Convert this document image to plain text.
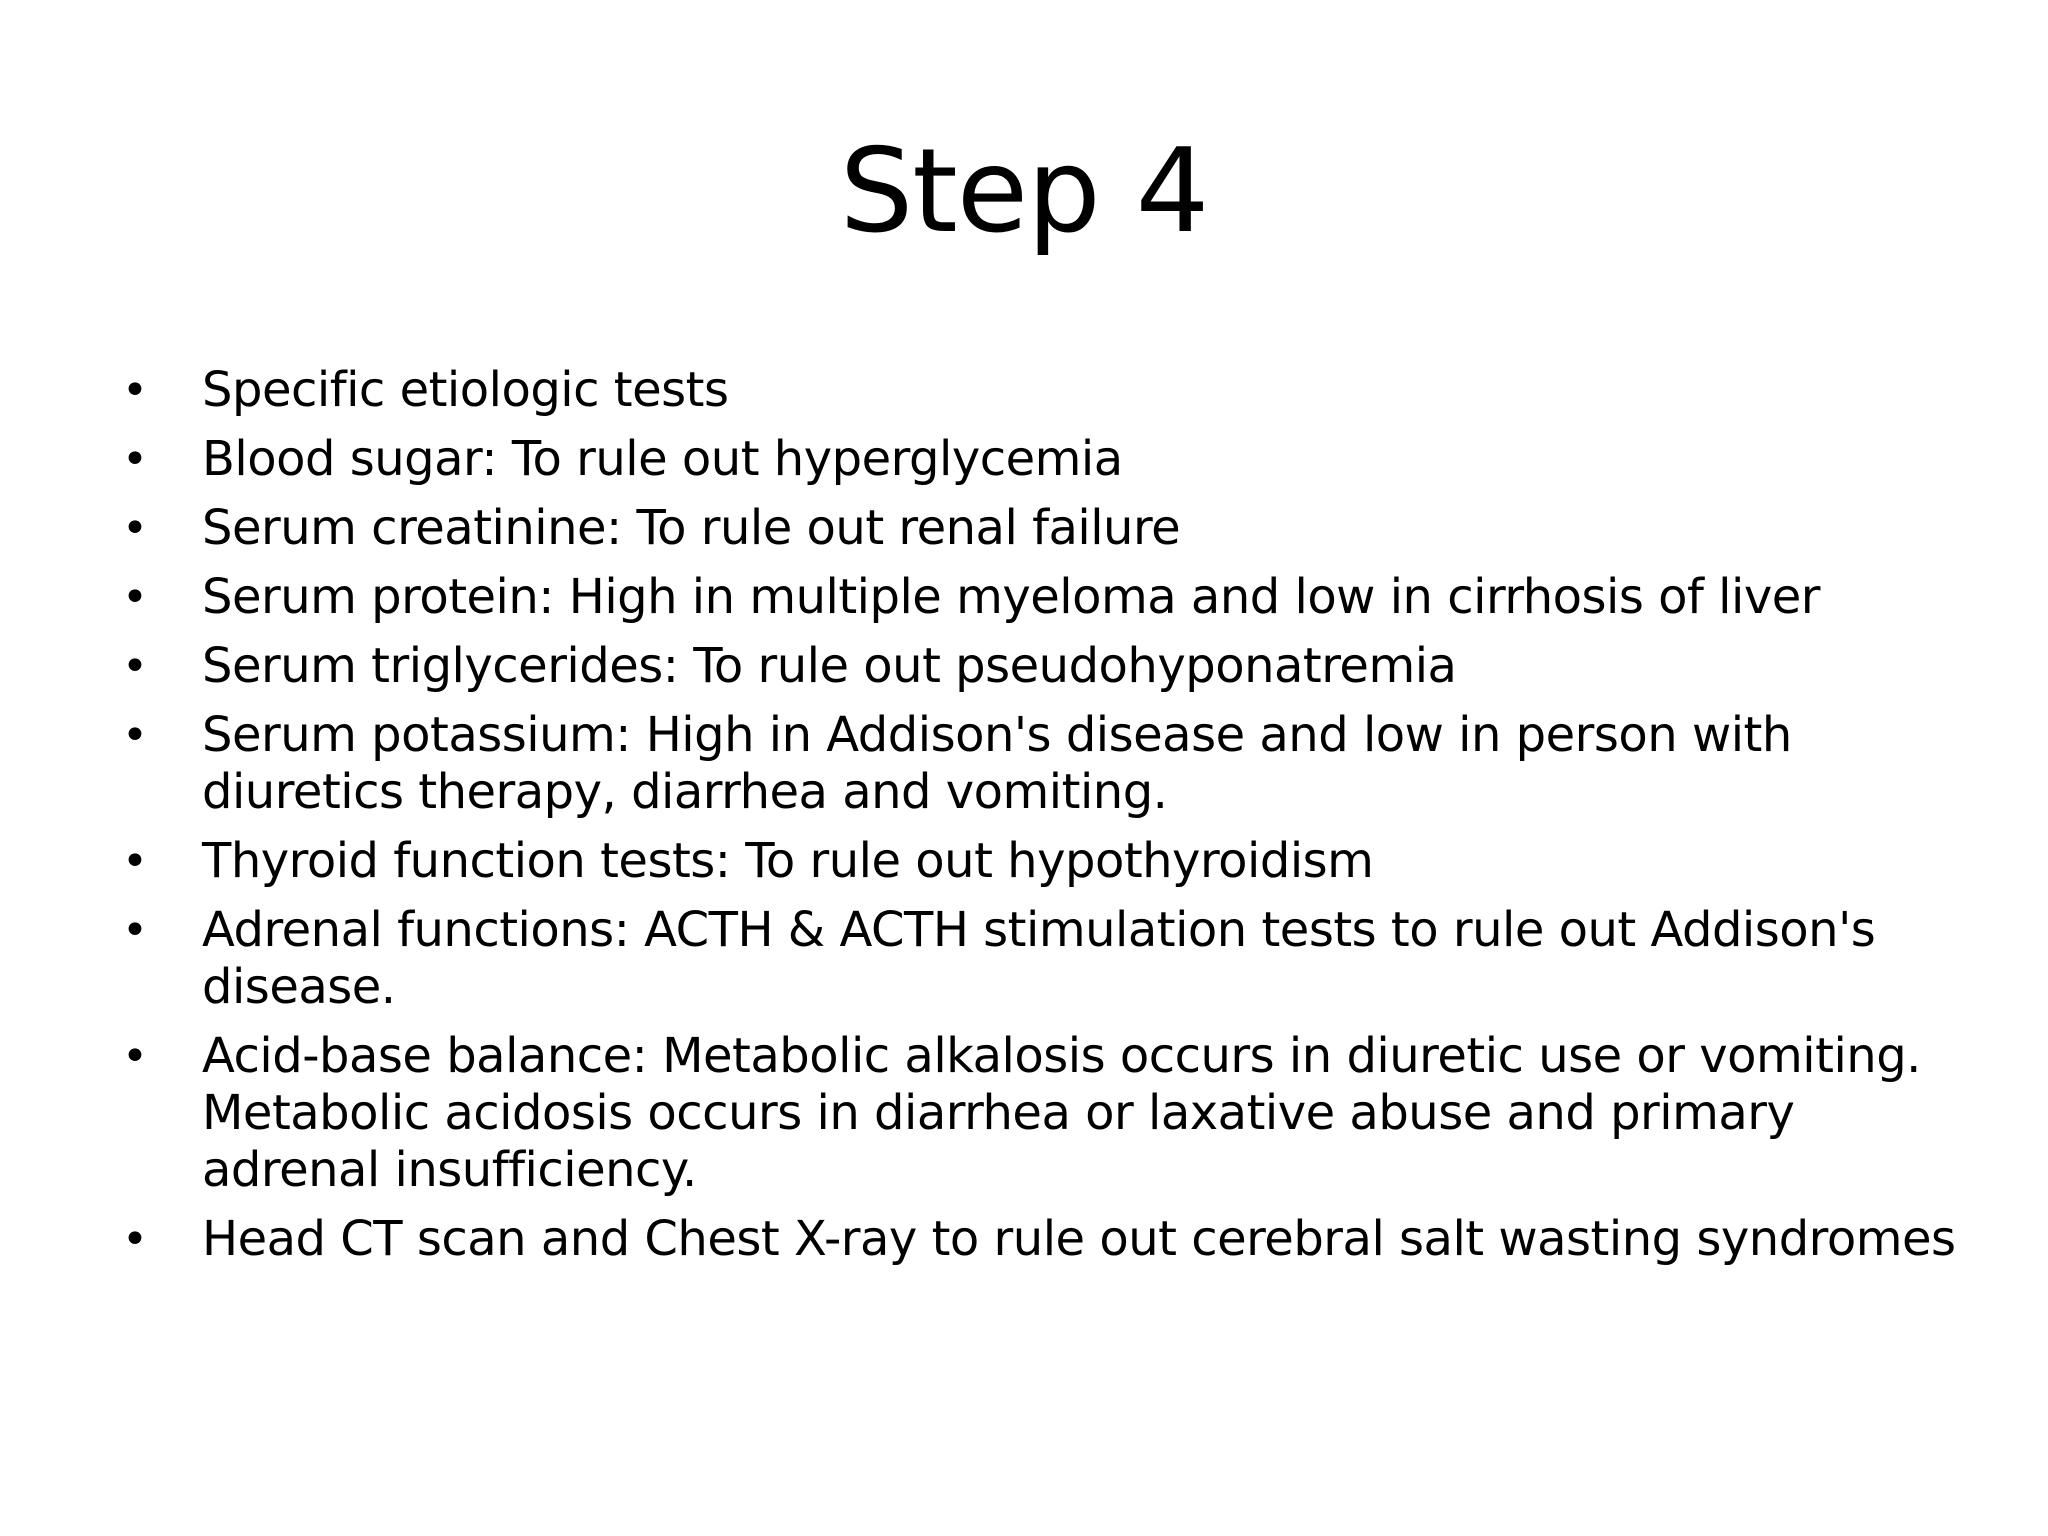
Step 4
• Specific etiologic tests
• Blood sugar: To rule out hyperglycemia
• Serum creatinine: To rule out renal failure
• Serum protein: High in multiple myeloma and low in cirrhosis of liver
• Serum triglycerides: To rule out pseudohyponatremia
• Serum potassium: High in Addison's disease and low in person with diuretics therapy, diarrhea and vomiting.
• Thyroid function tests: To rule out hypothyroidism
• Adrenal functions: ACTH & ACTH stimulation tests to rule out Addison's disease.
• Acid-base balance: Metabolic alkalosis occurs in diuretic use or vomiting. Metabolic acidosis occurs in diarrhea or laxative abuse and primary adrenal insufficiency.
• Head CT scan and Chest X-ray to rule out cerebral salt wasting syndromes
